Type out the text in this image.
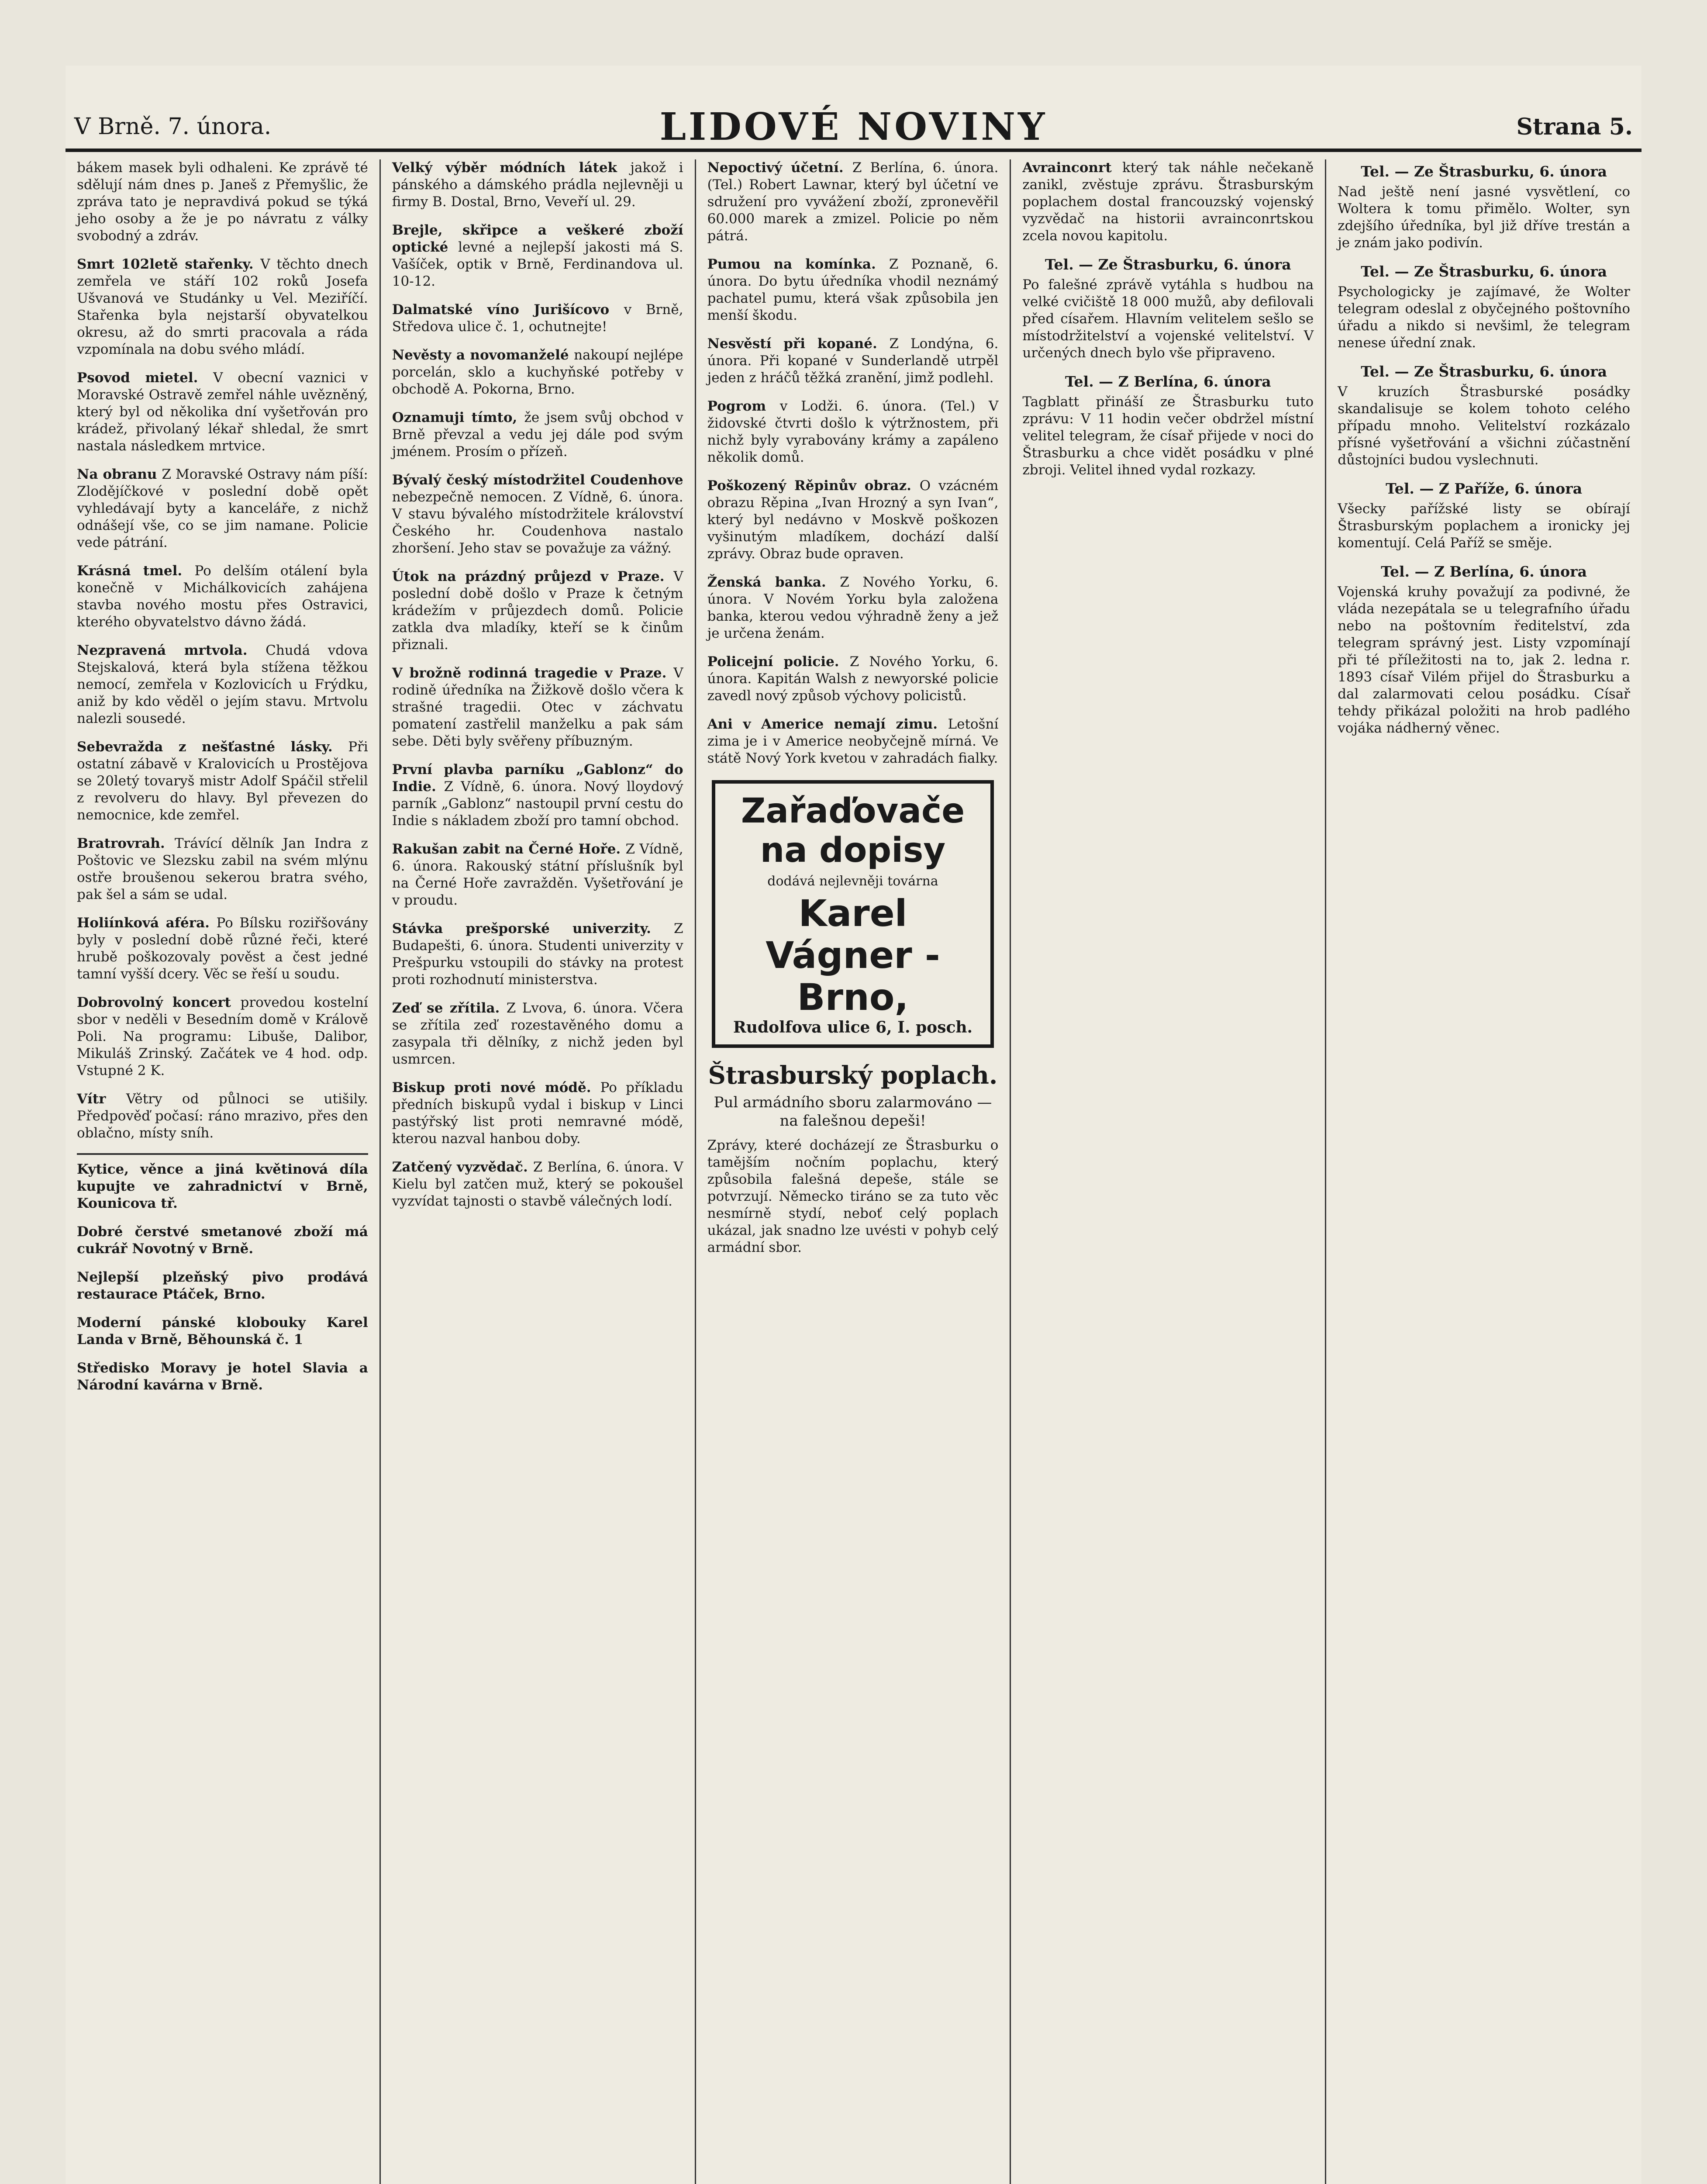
V Brně. 7. února.	LIDOVÉ NOVINY	Strana 5.
bákem masek byli odhaleni. Ke zprávě té sdělují nám dnes p. Janeš z Přemyšlic, že zpráva tato je nepravdivá pokud se týká jeho osoby a že je po návratu z války svobodný a zdráv.
Smrt 102letě stařenky. V těchto dnech zemřela ve stáří 102 roků Josefa Ušvanová ve Studánky u Vel. Meziříčí. Stařenka byla nejstarší obyvatelkou okresu, až do smrti pracovala a ráda vzpomínala na dobu svého mládí.
Psovod mietel. V obecní vaznici v Moravské Ostravě zemřel náhle uvězněný, který byl od několika dní vyšetřován pro krádež, přivolaný lékař shledal, že smrt nastala následkem mrtvice.
Na obranu Z Moravské Ostravy nám píší: Zlodějíčkové v poslední době opět vyhledávají byty a kanceláře, z nichž odnášejí vše, co se jim namane. Policie vede pátrání.
Krásná tmel. Po delším otálení byla konečně v Michálkovicích zahájena stavba nového mostu přes Ostravici, kterého obyvatelstvo dávno žádá.
Nezpravená mrtvola. Chudá vdova Stejskalová, která byla stížena těžkou nemocí, zemřela v Kozlovicích u Frýdku, aniž by kdo věděl o jejím stavu. Mrtvolu nalezli sousedé.
Sebevražda z nešťastné lásky. Při ostatní zábavě v Kralovicích u Prostějova se 20letý tovaryš mistr Adolf Spáčil střelil z revolveru do hlavy. Byl převezen do nemocnice, kde zemřel.
Bratrovrah. Trávící dělník Jan Indra z Poštovic ve Slezsku zabil na svém mlýnu ostře broušenou sekerou bratra svého, pak šel a sám se udal.
Holiínková aféra. Po Bílsku roziřšovány byly v poslední době různé řeči, které hrubě poškozovaly pověst a čest jedné tamní vyšší dcery. Věc se řeší u soudu.
Dobrovolný koncert provedou kostelní sbor v neděli v Besedním domě v Králově Poli. Na programu: Libuše, Dalibor, Mikuláš Zrinský. Začátek ve 4 hod. odp. Vstupné 2 K.
Vítr Větry od půlnoci se utišily. Předpověď počasí: ráno mrazivo, přes den oblačno, místy sníh.
Kytice, věnce a jiná květinová díla kupujte ve zahradnictví v Brně, Kounicova tř.
Dobré čerstvé smetanové zboží má cukrář Novotný v Brně.
Nejlepší plzeňský pivo prodává restaurace Ptáček, Brno.
Moderní pánské klobouky Karel Landa v Brně, Běhounská č. 1
Středisko Moravy je hotel Slavia a Národní kavárna v Brně.
Velký výběr módních látek jakož i pánského a dámského prádla nejlevněji u firmy B. Dostal, Brno, Veveří ul. 29.
Brejle, skřipce a veškeré zboží optické levné a nejlepší jakosti má S. Vašíček, optik v Brně, Ferdinandova ul. 10-12.
Dalmatské víno Jurišícovo v Brně, Středova ulice č. 1, ochutnejte!
Nevěsty a novomanželé nakoupí nejlépe porcelán, sklo a kuchyňské potřeby v obchodě A. Pokorna, Brno.
Oznamuji tímto, že jsem svůj obchod v Brně převzal a vedu jej dále pod svým jménem. Prosím o přízeň.
Bývalý český místodržitel Coudenhove nebezpečně nemocen. Z Vídně, 6. února. V stavu bývalého místodržitele království Českého hr. Coudenhova nastalo zhoršení. Jeho stav se považuje za vážný.
Útok na prázdný průjezd v Praze. V poslední době došlo v Praze k četným krádežím v průjezdech domů. Policie zatkla dva mladíky, kteří se k činům přiznali.
V brožně rodinná tragedie v Praze. V rodině úředníka na Žižkově došlo včera k strašné tragedii. Otec v záchvatu pomatení zastřelil manželku a pak sám sebe. Děti byly svěřeny příbuzným.
První plavba parníku „Gablonz“ do Indie. Z Vídně, 6. února. Nový lloydový parník „Gablonz“ nastoupil první cestu do Indie s nákladem zboží pro tamní obchod.
Rakušan zabit na Černé Hoře. Z Vídně, 6. února. Rakouský státní příslušník byl na Černé Hoře zavražděn. Vyšetřování je v proudu.
Stávka prešporské univerzity. Z Budapešti, 6. února. Studenti univerzity v Prešpurku vstoupili do stávky na protest proti rozhodnutí ministerstva.
Zeď se zřítila. Z Lvova, 6. února. Včera se zřítila zeď rozestavěného domu a zasypala tři dělníky, z nichž jeden byl usmrcen.
Biskup proti nové módě. Po příkladu předních biskupů vydal i biskup v Linci pastýřský list proti nemravné módě, kterou nazval hanbou doby.
Zatčený vyzvědač. Z Berlína, 6. února. V Kielu byl zatčen muž, který se pokoušel vyzvídat tajnosti o stavbě válečných lodí.
Nepoctivý účetní. Z Berlína, 6. února. (Tel.) Robert Lawnar, který byl účetní ve sdružení pro vyvážení zboží, zpronevěřil 60.000 marek a zmizel. Policie po něm pátrá.
Pumou na komínka. Z Poznaně, 6. února. Do bytu úředníka vhodil neznámý pachatel pumu, která však způsobila jen menší škodu.
Nesvěstí při kopané. Z Londýna, 6. února. Při kopané v Sunderlandě utrpěl jeden z hráčů těžká zranění, jimž podlehl.
Pogrom v Lodži. 6. února. (Tel.) V židovské čtvrti došlo k výtržnostem, při nichž byly vyrabovány krámy a zapáleno několik domů.
Poškozený Rěpinův obraz. O vzácném obrazu Rěpina „Ivan Hrozný a syn Ivan“, který byl nedávno v Moskvě poškozen vyšinutým mladíkem, dochází další zprávy. Obraz bude opraven.
Ženská banka. Z Nového Yorku, 6. února. V Novém Yorku byla založena banka, kterou vedou výhradně ženy a jež je určena ženám.
Policejní policie. Z Nového Yorku, 6. února. Kapitán Walsh z newyorské policie zavedl nový způsob výchovy policistů.
Ani v Americe nemají zimu. Letošní zima je i v Americe neobyčejně mírná. Ve státě Nový York kvetou v zahradách fialky.
Zařaďovače na dopisy
dodává nejlevněji továrna
Karel Vágner - Brno,
Rudolfova ulice 6, I. posch.
Štrasburský poplach.
Pul armádního sboru zalarmováno — na falešnou depeši!
Zprávy, které docházejí ze Štrasburku o tamějším nočním poplachu, který způsobila falešná depeše, stále se potvrzují. Německo tiráno se za tuto věc nesmírně stydí, neboť celý poplach ukázal, jak snadno lze uvésti v pohyb celý armádní sbor.
Avrainconrt který tak náhle nečekaně zanikl, zvěstuje zprávu. Štrasburským poplachem dostal francouzský vojenský vyzvědač na historii avrainconrtskou zcela novou kapitolu.
Tel. — Ze Štrasburku, 6. února
Po falešné zprávě vytáhla s hudbou na velké cvičiště 18 000 mužů, aby defilovali před císařem. Hlavním velitelem sešlo se místodržitelství a vojenské velitelství. V určených dnech bylo vše připraveno.
Tel. — Z Berlína, 6. února
Tagblatt přináší ze Štrasburku tuto zprávu: V 11 hodin večer obdržel místní velitel telegram, že císař přijede v noci do Štrasburku a chce vidět posádku v plné zbroji. Velitel ihned vydal rozkazy.
Tel. — Ze Štrasburku, 6. února
Nad ještě není jasné vysvětlení, co Woltera k tomu přimělo. Wolter, syn zdejšího úředníka, byl již dříve trestán a je znám jako podivín.
Tel. — Ze Štrasburku, 6. února
Psychologicky je zajímavé, že Wolter telegram odeslal z obyčejného poštovního úřadu a nikdo si nevšiml, že telegram nenese úřední znak.
Tel. — Ze Štrasburku, 6. února
V kruzích Štrasburské posádky skandalisuje se kolem tohoto celého případu mnoho. Velitelství rozkázalo přísné vyšetřování a všichni zúčastnění důstojníci budou vyslechnuti.
Tel. — Z Paříže, 6. února
Všecky pařížské listy se obírají Štrasburským poplachem a ironicky jej komentují. Celá Paříž se směje.
Tel. — Z Berlína, 6. února
Vojenská kruhy považují za podivné, že vláda nezepátala se u telegrafního úřadu nebo na poštovním ředitelství, zda telegram správný jest. Listy vzpomínají při té příležitosti na to, jak 2. ledna r. 1893 císař Vilém přijel do Štrasburku a dal zalarmovati celou posádku. Císař tehdy přikázal položiti na hrob padlého vojáka nádherný věnec.
